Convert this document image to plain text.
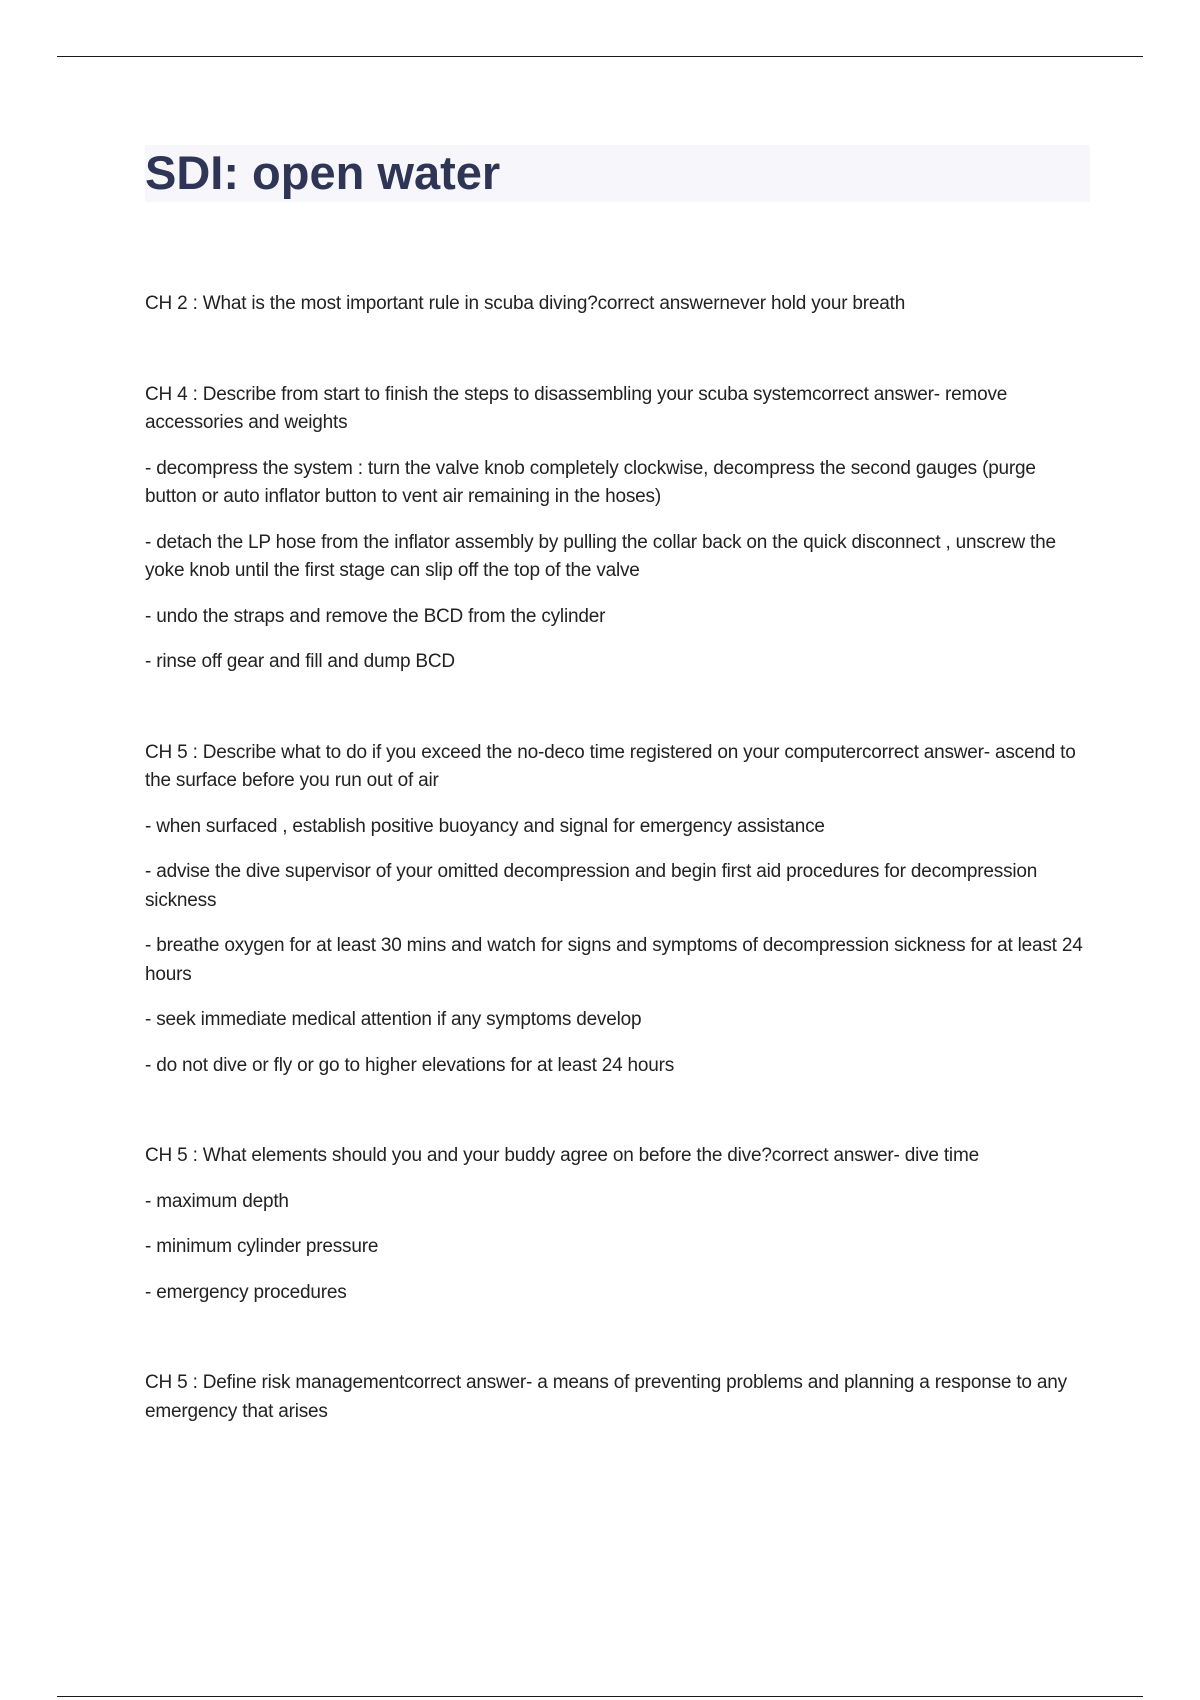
SDI: open water

CH 2 : What is the most important rule in scuba diving?correct answernever hold your breath

CH 4 : Describe from start to finish the steps to disassembling your scuba systemcorrect answer- remove accessories and weights

- decompress the system : turn the valve knob completely clockwise, decompress the second gauges (purge button or auto inflator button to vent air remaining in the hoses)

- detach the LP hose from the inflator assembly by pulling the collar back on the quick disconnect , unscrew the yoke knob until the first stage can slip off the top of the valve

- undo the straps and remove the BCD from the cylinder

- rinse off gear and fill and dump BCD

CH 5 : Describe what to do if you exceed the no-deco time registered on your computercorrect answer- ascend to the surface before you run out of air

- when surfaced , establish positive buoyancy and signal for emergency assistance

- advise the dive supervisor of your omitted decompression and begin first aid procedures for decompression sickness

- breathe oxygen for at least 30 mins and watch for signs and symptoms of decompression sickness for at least 24 hours

- seek immediate medical attention if any symptoms develop

- do not dive or fly or go to higher elevations for at least 24 hours

CH 5 : What elements should you and your buddy agree on before the dive?correct answer- dive time

- maximum depth

- minimum cylinder pressure

- emergency procedures

CH 5 : Define risk managementcorrect answer- a means of preventing problems and planning a response to any emergency that arises
